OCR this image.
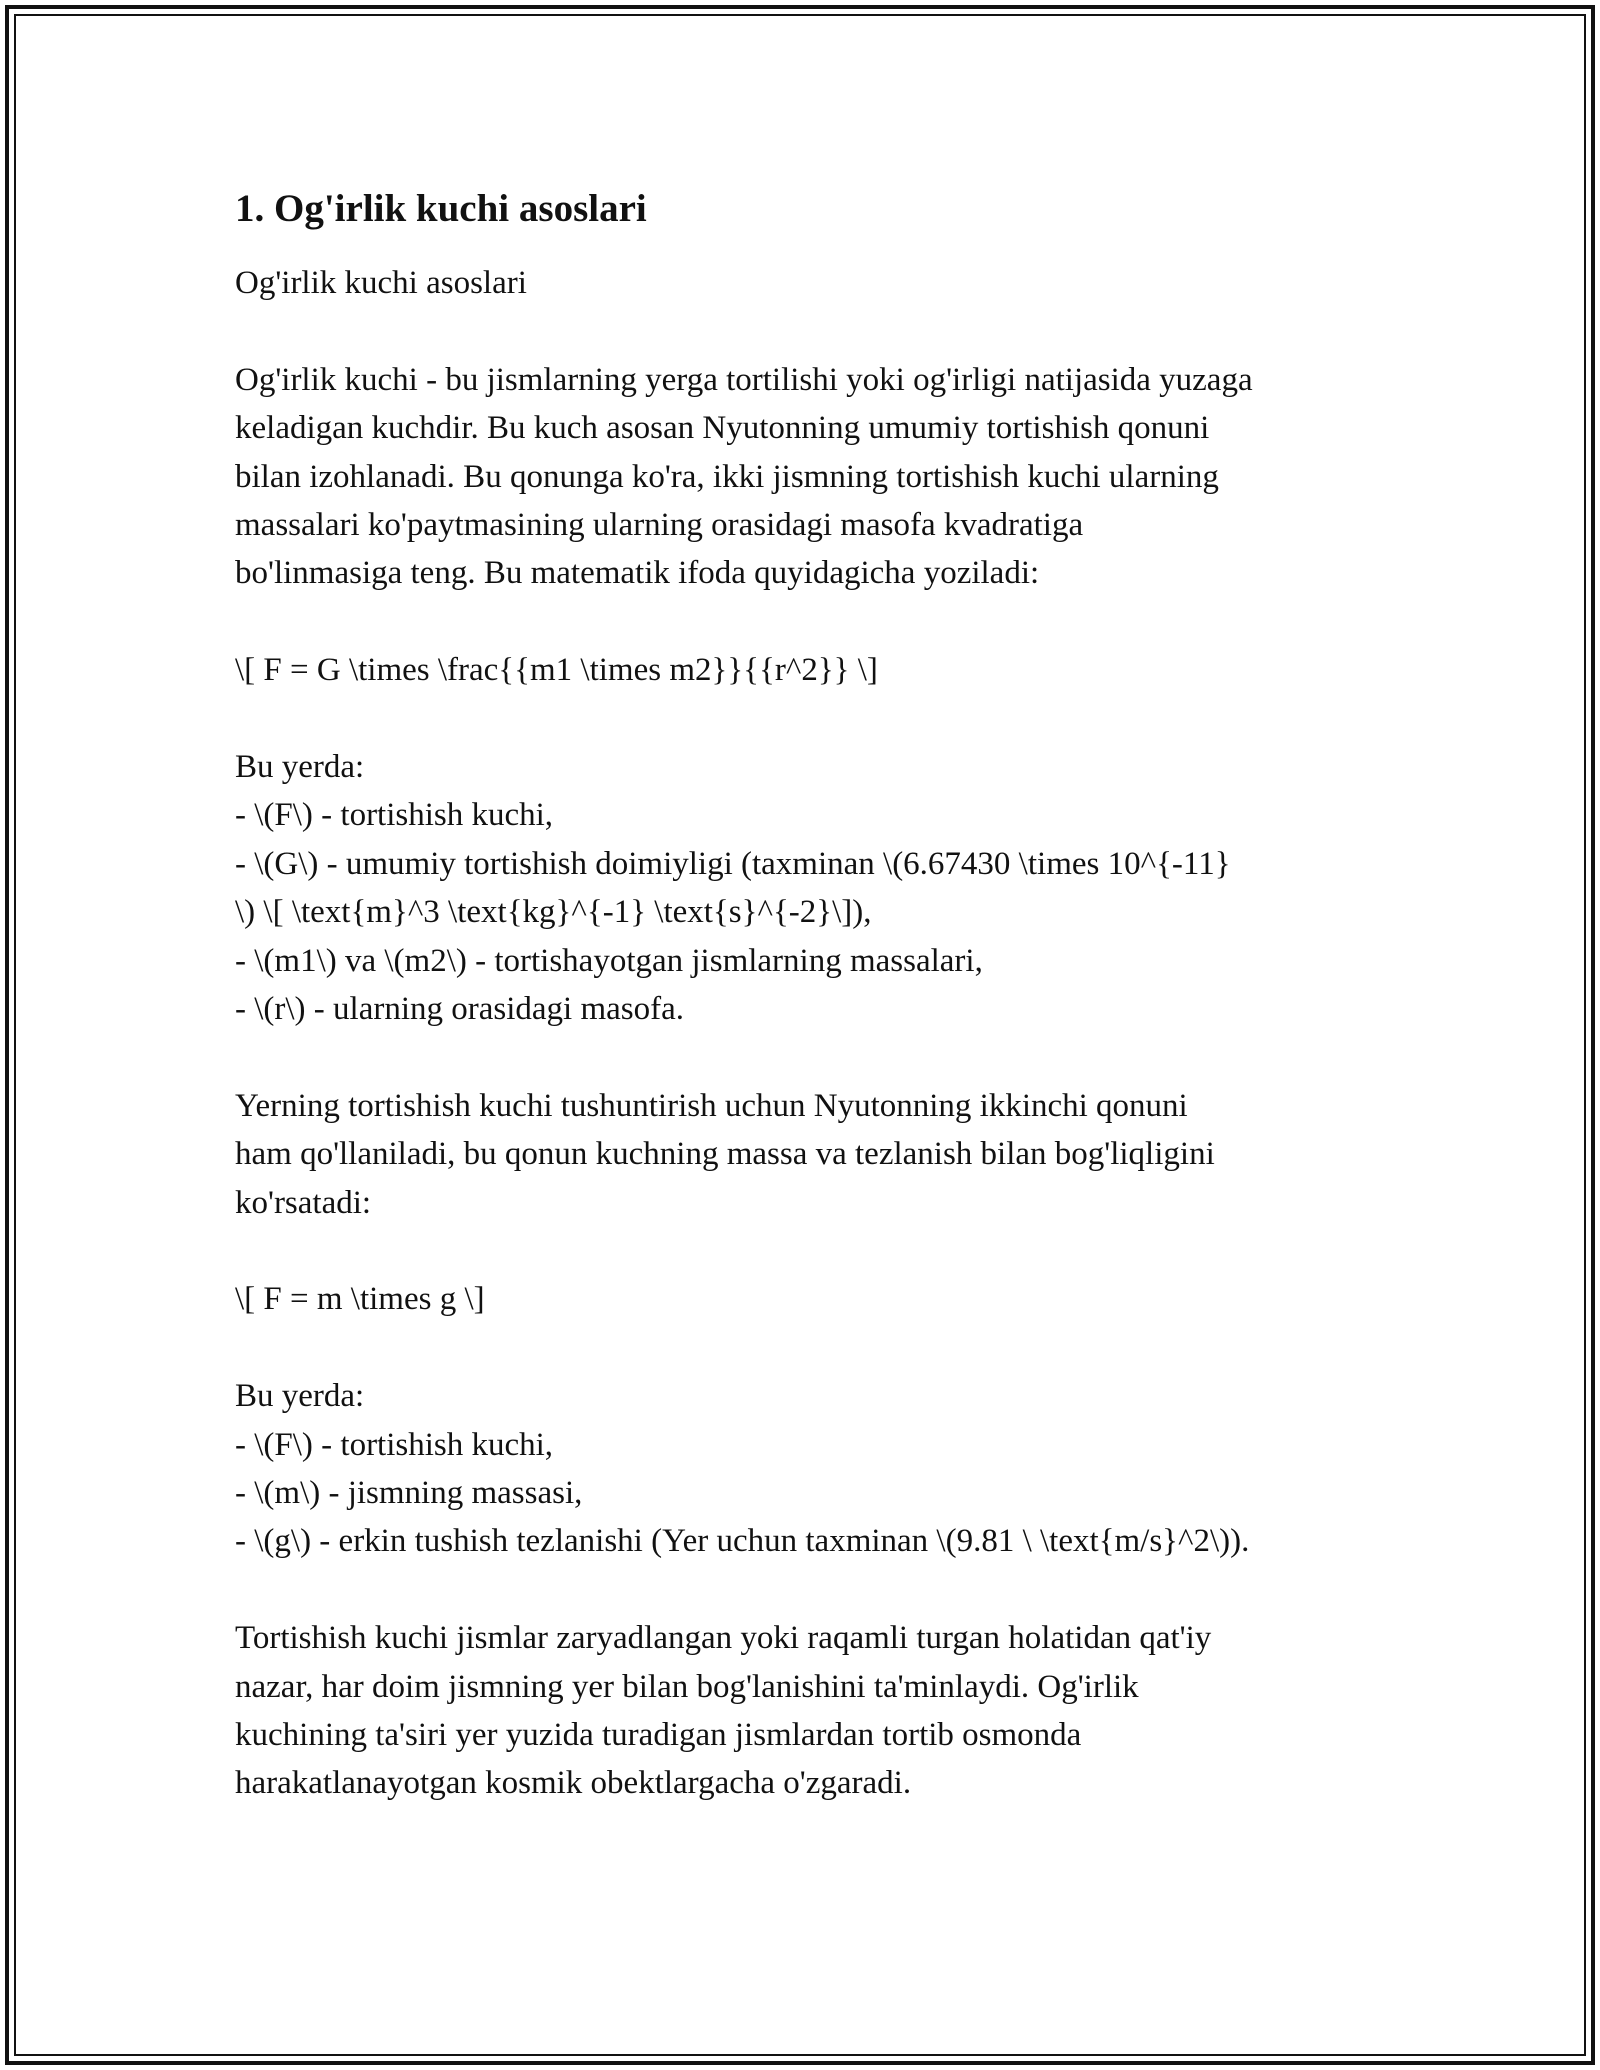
1. Og'irlik kuchi asoslari

Og'irlik kuchi asoslari

Og'irlik kuchi - bu jismlarning yerga tortilishi yoki og'irligi natijasida yuzaga
keladigan kuchdir. Bu kuch asosan Nyutonning umumiy tortishish qonuni
bilan izohlanadi. Bu qonunga ko'ra, ikki jismning tortishish kuchi ularning
massalari ko'paytmasining ularning orasidagi masofa kvadratiga
bo'linmasiga teng. Bu matematik ifoda quyidagicha yoziladi:

\[ F = G \times \frac{{m1 \times m2}}{{r^2}} \]

Bu yerda:
- \(F\) - tortishish kuchi,
- \(G\) - umumiy tortishish doimiyligi (taxminan \(6.67430 \times 10^{-11}
\) \[ \text{m}^3 \text{kg}^{-1} \text{s}^{-2}\]),
- \(m1\) va \(m2\) - tortishayotgan jismlarning massalari,
- \(r\) - ularning orasidagi masofa.

Yerning tortishish kuchi tushuntirish uchun Nyutonning ikkinchi qonuni
ham qo'llaniladi, bu qonun kuchning massa va tezlanish bilan bog'liqligini
ko'rsatadi:

\[ F = m \times g \]

Bu yerda:
- \(F\) - tortishish kuchi,
- \(m\) - jismning massasi,
- \(g\) - erkin tushish tezlanishi (Yer uchun taxminan \(9.81 \ \text{m/s}^2\)).

Tortishish kuchi jismlar zaryadlangan yoki raqamli turgan holatidan qat'iy
nazar, har doim jismning yer bilan bog'lanishini ta'minlaydi. Og'irlik
kuchining ta'siri yer yuzida turadigan jismlardan tortib osmonda
harakatlanayotgan kosmik obektlargacha o'zgaradi.
